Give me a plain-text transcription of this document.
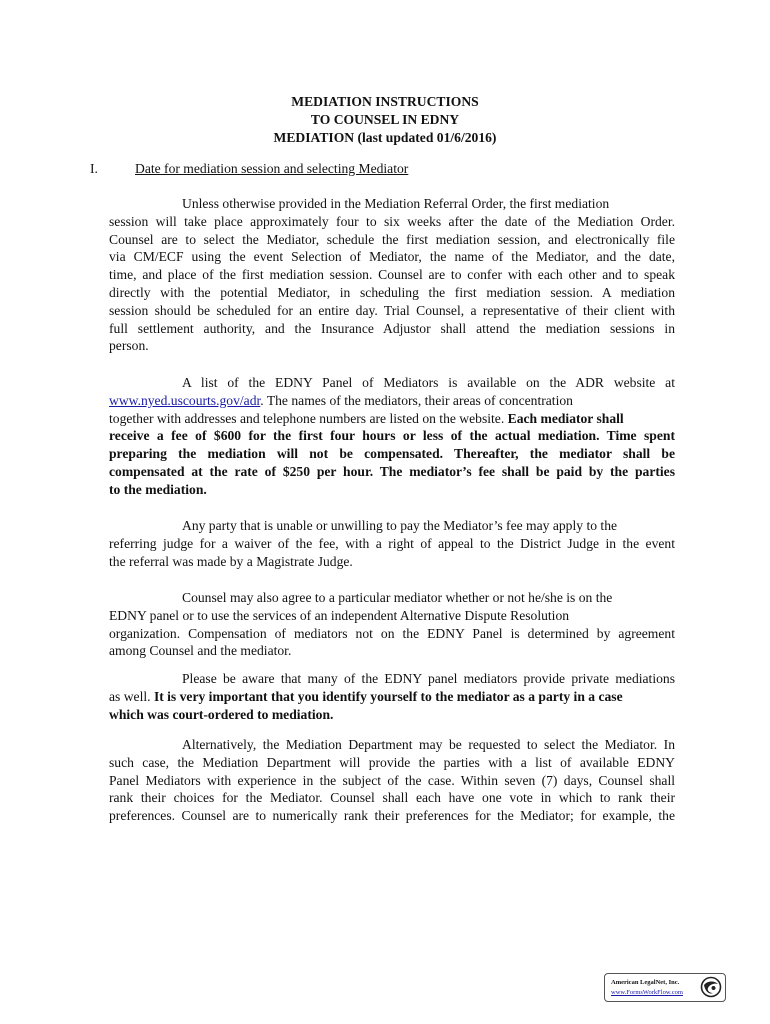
MEDIATION INSTRUCTIONS
TO COUNSEL IN EDNY
MEDIATION (last updated 01/6/2016)
I.	Date for mediation session and selecting Mediator
Unless otherwise provided in the Mediation Referral Order, the first mediation
session will take place approximately four to six weeks after the date of the Mediation Order.
Counsel are to select the Mediator, schedule the first mediation session, and electronically file
via CM/ECF using the event Selection of Mediator, the name of the Mediator, and the date,
time, and place of the first mediation session. Counsel are to confer with each other and to speak
directly with the potential Mediator, in scheduling the first mediation session. A mediation
session should be scheduled for an entire day. Trial Counsel, a representative of their client with
full settlement authority, and the Insurance Adjustor shall attend the mediation sessions in
person.
A list of the EDNY Panel of Mediators is available on the ADR website at
www.nyed.uscourts.gov/adr. The names of the mediators, their areas of concentration
together with addresses and telephone numbers are listed on the website. Each mediator shall
receive a fee of $600 for the first four hours or less of the actual mediation. Time spent
preparing the mediation will not be compensated. Thereafter, the mediator shall be
compensated at the rate of $250 per hour. The mediator’s fee shall be paid by the parties
to the mediation.
Any party that is unable or unwilling to pay the Mediator’s fee may apply to the
referring judge for a waiver of the fee, with a right of appeal to the District Judge in the event
the referral was made by a Magistrate Judge.
Counsel may also agree to a particular mediator whether or not he/she is on the
EDNY panel or to use the services of an independent Alternative Dispute Resolution
organization. Compensation of mediators not on the EDNY Panel is determined by agreement
among Counsel and the mediator.
Please be aware that many of the EDNY panel mediators provide private mediations
as well. It is very important that you identify yourself to the mediator as a party in a case
which was court-ordered to mediation.
Alternatively, the Mediation Department may be requested to select the Mediator. In
such case, the Mediation Department will provide the parties with a list of available EDNY
Panel Mediators with experience in the subject of the case. Within seven (7) days, Counsel shall
rank their choices for the Mediator. Counsel shall each have one vote in which to rank their
preferences. Counsel are to numerically rank their preferences for the Mediator; for example, the
American LegalNet, Inc.
www.FormsWorkFlow.com
